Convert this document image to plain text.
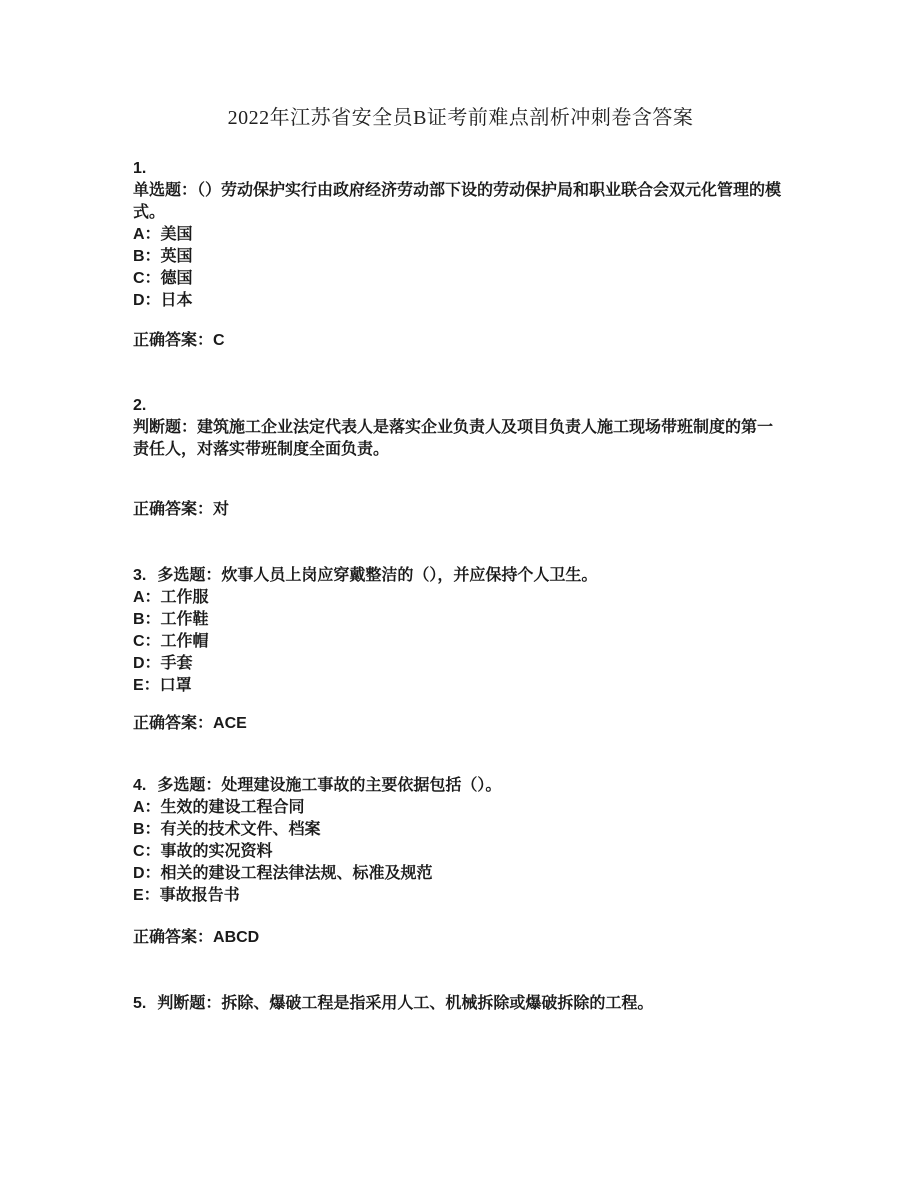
2022年江苏省安全员B证考前难点剖析冲刺卷含答案

1.

单选题：（）劳动保护实行由政府经济劳动部下设的劳动保护局和职业联合会双元化管理的模式。

A：美国

B：英国

C：德国

D：日本

正确答案：C

2.

判断题：建筑施工企业法定代表人是落实企业负责人及项目负责人施工现场带班制度的第一责任人，对落实带班制度全面负责。

正确答案：对

3. 多选题：炊事人员上岗应穿戴整洁的（），并应保持个人卫生。

A：工作服

B：工作鞋

C：工作帽

D：手套

E：口罩

正确答案：ACE

4. 多选题：处理建设施工事故的主要依据包括（）。

A：生效的建设工程合同

B：有关的技术文件、档案

C：事故的实况资料

D：相关的建设工程法律法规、标准及规范

E：事故报告书

正确答案：ABCD

5. 判断题：拆除、爆破工程是指采用人工、机械拆除或爆破拆除的工程。
